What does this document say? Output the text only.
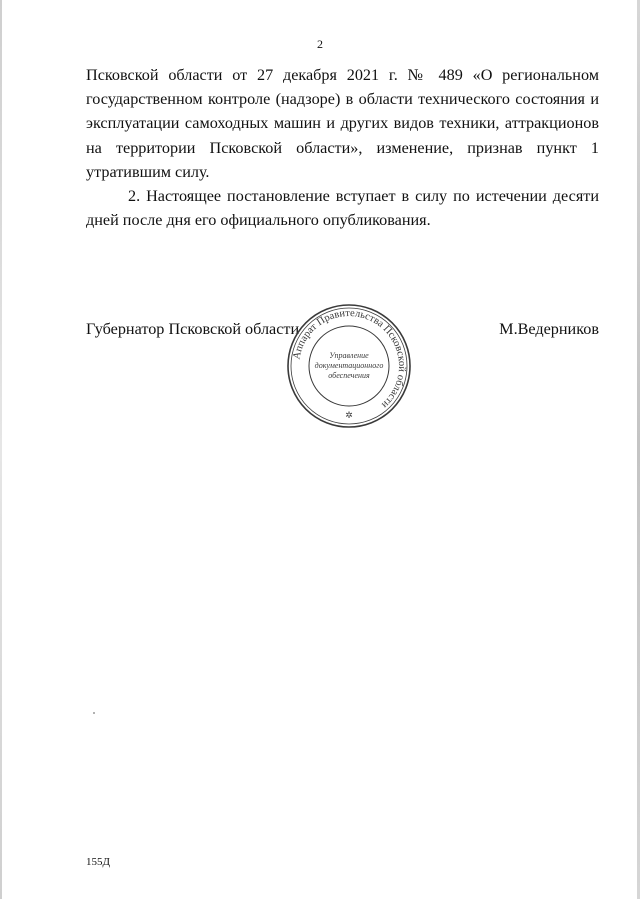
2

Псковской области от 27 декабря 2021 г. № 489 «О региональном государственном контроле (надзоре) в области технического состояния и эксплуатации самоходных машин и других видов техники, аттракционов на территории Псковской области», изменение, признав пункт 1 утратившим силу.

2. Настоящее постановление вступает в силу по истечении десяти дней после дня его официального опубликования.

Губернатор Псковской области	М.Ведерников
Аппарат Правительства Псковской области
Управление
документационного
обеспечения
✲
155Д
